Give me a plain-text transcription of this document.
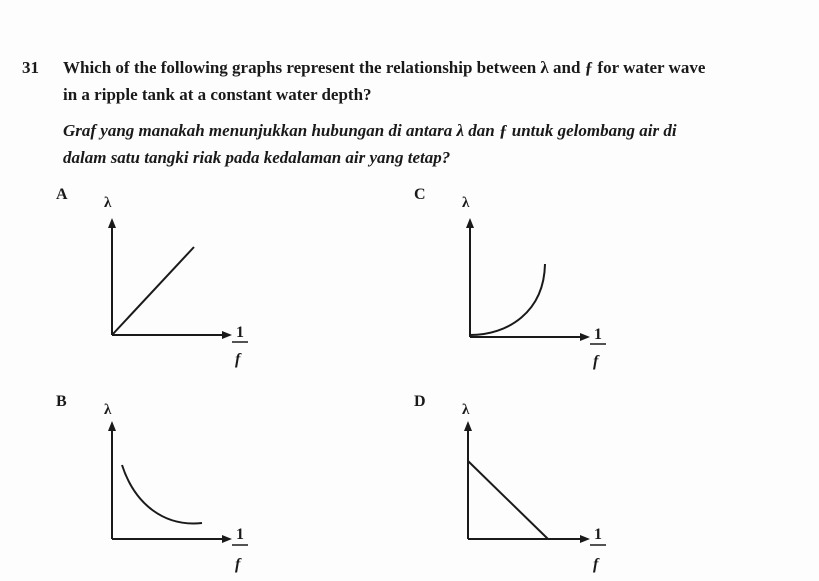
31 Which of the following graphs represent the relationship between λ and ƒ for water wave
in a ripple tank at a constant water depth?
Graf yang manakah menunjukkan hubungan di antara λ dan ƒ untuk gelombang air di
dalam satu tangki riak pada kedalaman air yang tetap?
A λ
1
f
C λ
1
f
B λ
1
f
D λ
1
f
